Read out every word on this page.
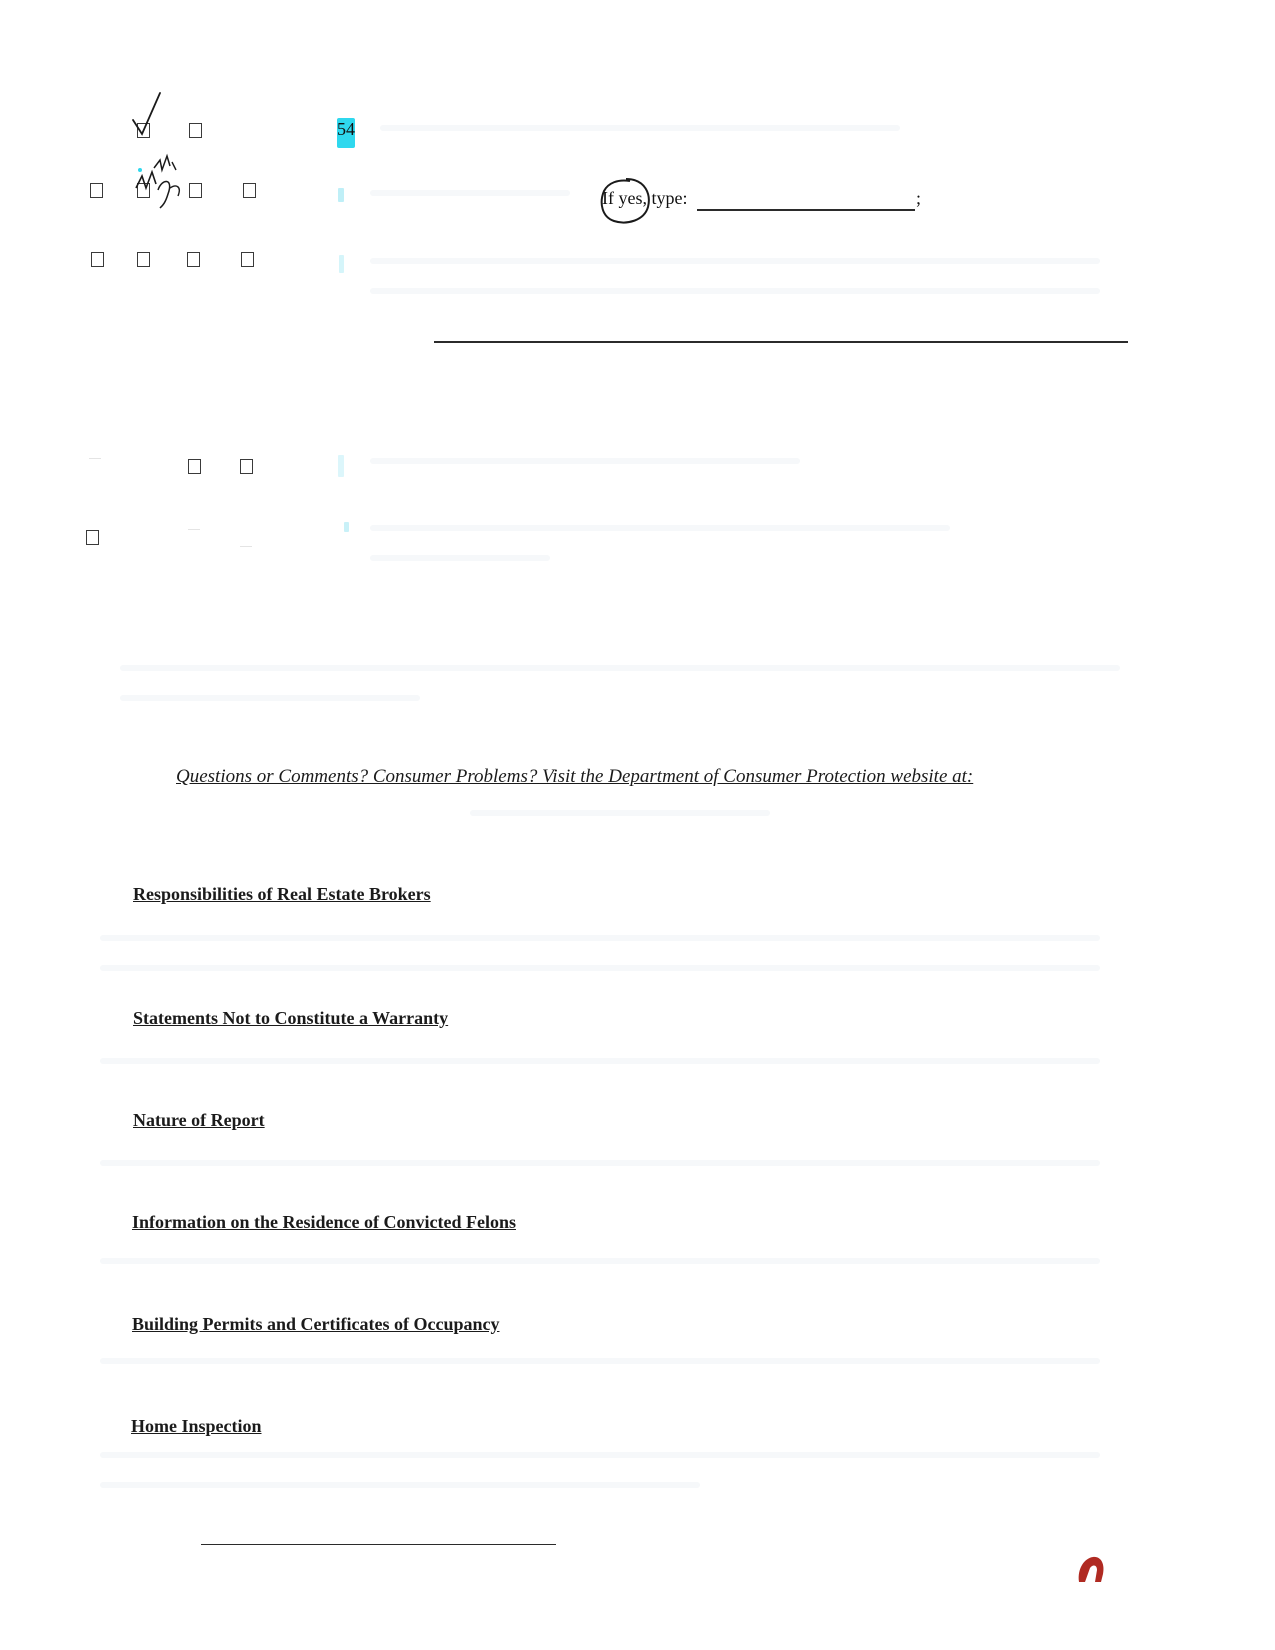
54
If yes, type:	;
Questions or Comments? Consumer Problems? Visit the Department of Consumer Protection website at:
Responsibilities of Real Estate Brokers
Statements Not to Constitute a Warranty
Nature of Report
Information on the Residence of Convicted Felons
Building Permits and Certificates of Occupancy
Home Inspection
